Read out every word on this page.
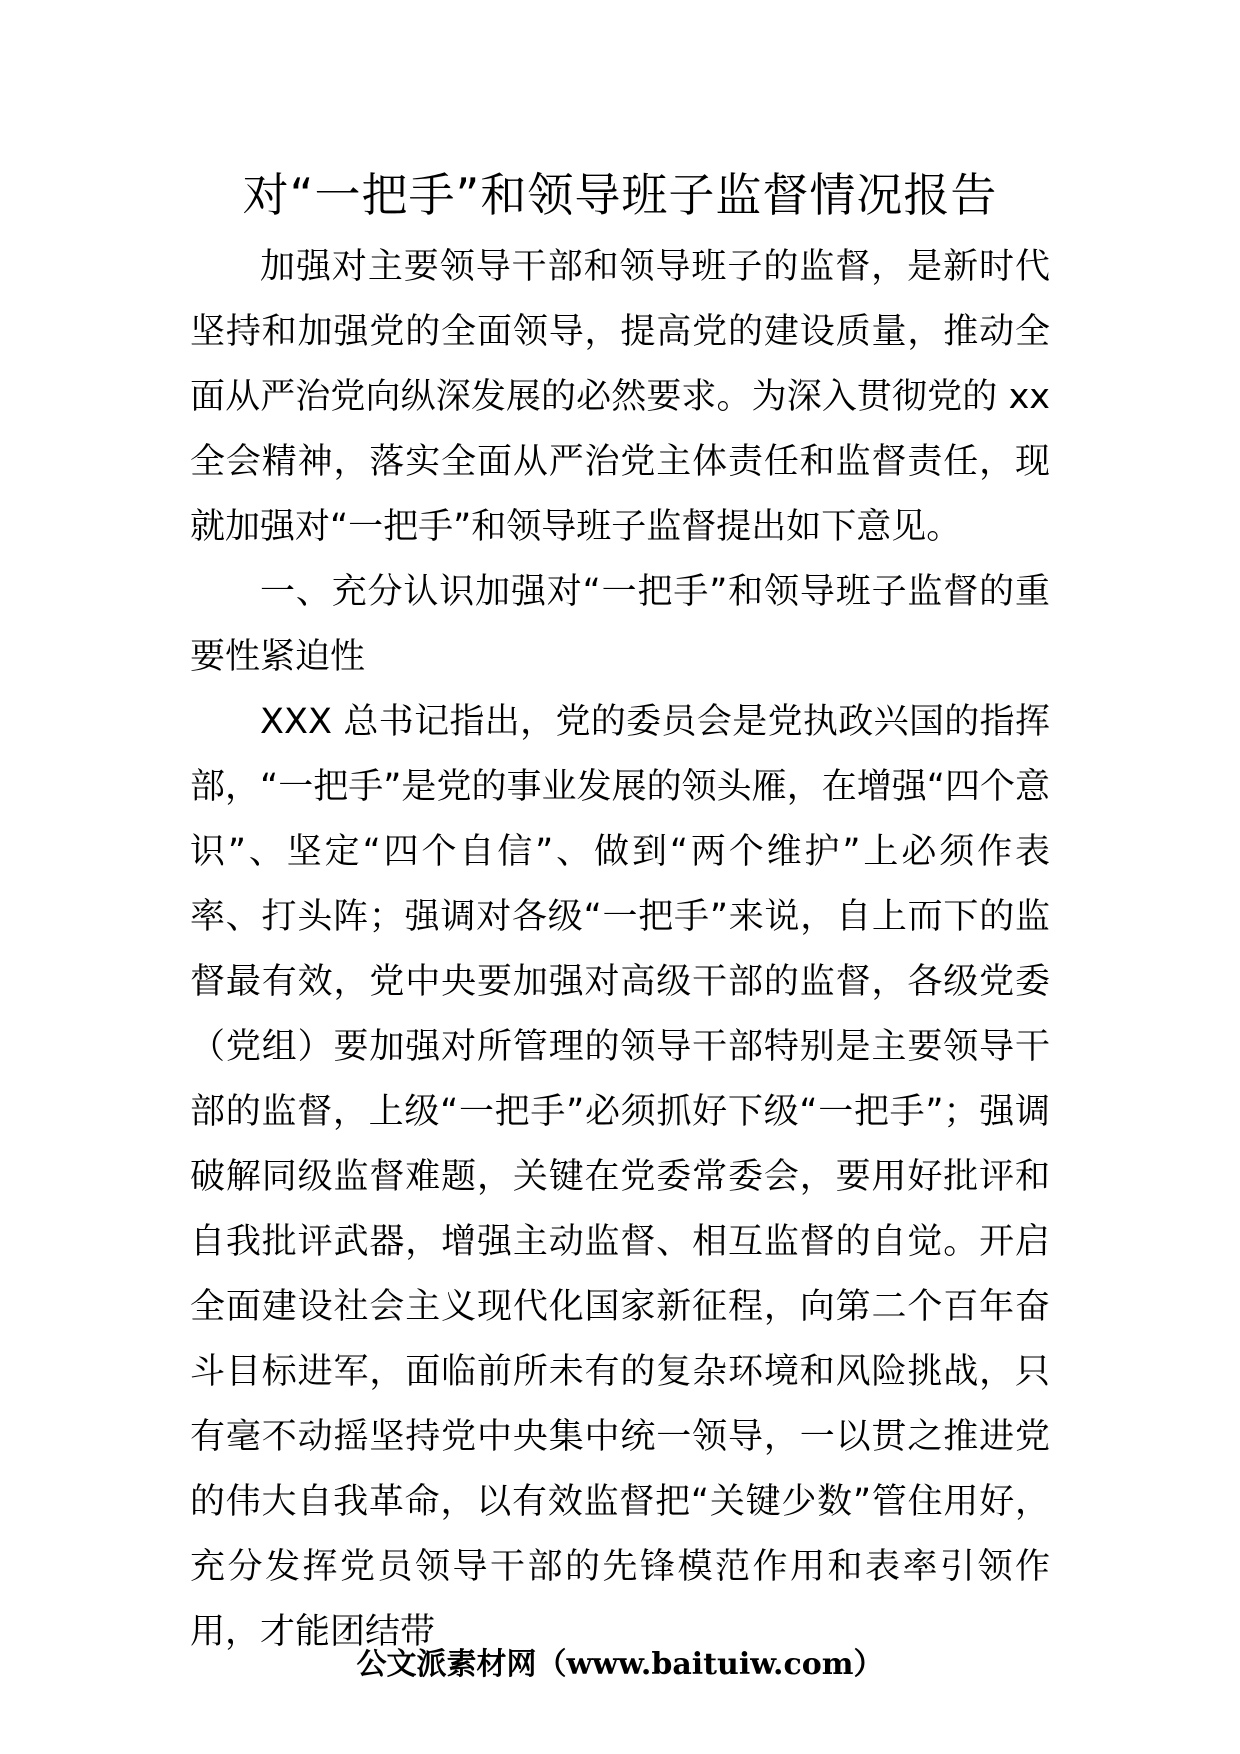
对“一把手”和领导班子监督情况报告

加强对主要领导干部和领导班子的监督，是新时代坚持和加强党的全面领导，提高党的建设质量，推动全面从严治党向纵深发展的必然要求。为深入贯彻党的 xx 全会精神，落实全面从严治党主体责任和监督责任，现就加强对“一把手”和领导班子监督提出如下意见。

一、充分认识加强对“一把手”和领导班子监督的重要性紧迫性

XXX 总书记指出，党的委员会是党执政兴国的指挥部，“一把手”是党的事业发展的领头雁，在增强“四个意识”、坚定“四个自信”、做到“两个维护”上必须作表率、打头阵；强调对各级“一把手”来说，自上而下的监督最有效，党中央要加强对高级干部的监督，各级党委（党组）要加强对所管理的领导干部特别是主要领导干部的监督，上级“一把手”必须抓好下级“一把手”；强调破解同级监督难题，关键在党委常委会，要用好批评和自我批评武器，增强主动监督、相互监督的自觉。开启全面建设社会主义现代化国家新征程，向第二个百年奋斗目标进军，面临前所未有的复杂环境和风险挑战，只有毫不动摇坚持党中央集中统一领导，一以贯之推进党的伟大自我革命，以有效监督把“关键少数”管住用好，充分发挥党员领导干部的先锋模范作用和表率引领作用，才能团结带

公文派素材网（www.baituiw.com）
